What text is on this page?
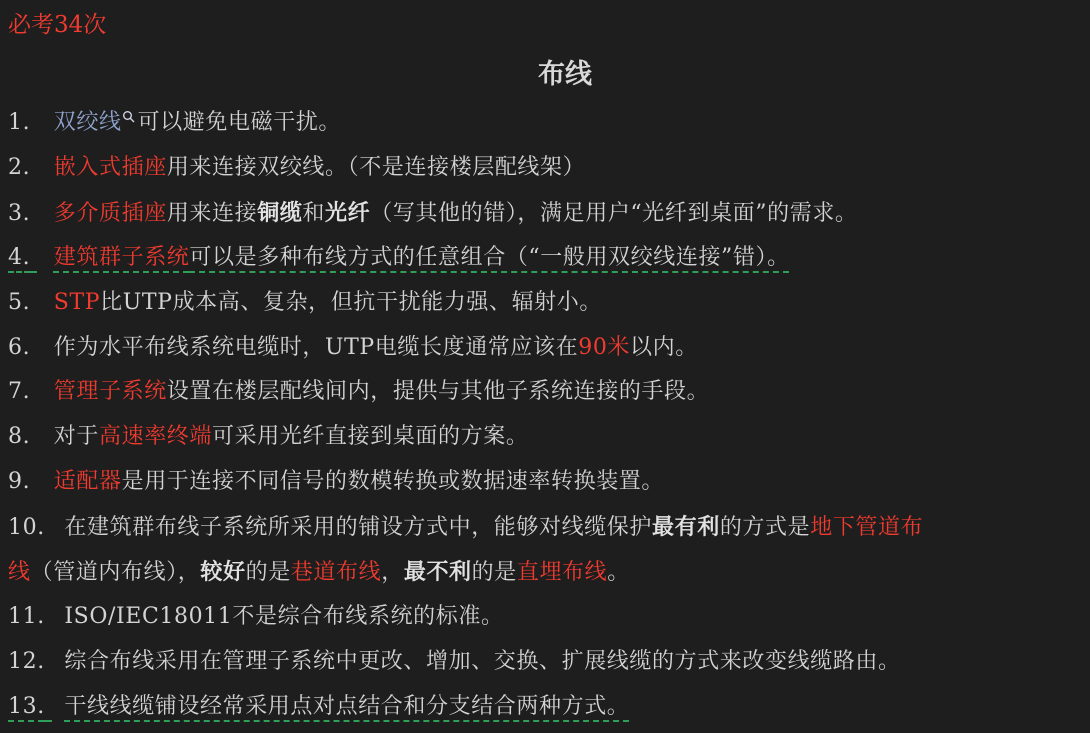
必考34次
布线
1. 双绞线 可以避免电磁干扰。
2. 嵌入式插座用来连接双绞线。（不是连接楼层配线架）
3. 多介质插座用来连接铜缆和光纤（写其他的错），满足用户“光纤到桌面”的需求。
4. 建筑群子系统可以是多种布线方式的任意组合（“一般用双绞线连接”错）。
5. STP比UTP成本高、复杂，但抗干扰能力强、辐射小。
6. 作为水平布线系统电缆时，UTP电缆长度通常应该在90米以内。
7. 管理子系统设置在楼层配线间内，提供与其他子系统连接的手段。
8. 对于高速率终端可采用光纤直接到桌面的方案。
9. 适配器是用于连接不同信号的数模转换或数据速率转换装置。
10. 在建筑群布线子系统所采用的铺设方式中，能够对线缆保护最有利的方式是地下管道布
线（管道内布线），较好的是巷道布线，最不利的是直埋布线。
11. ISO/IEC18011不是综合布线系统的标准。
12. 综合布线采用在管理子系统中更改、增加、交换、扩展线缆的方式来改变线缆路由。
13. 干线线缆铺设经常采用点对点结合和分支结合两种方式。
